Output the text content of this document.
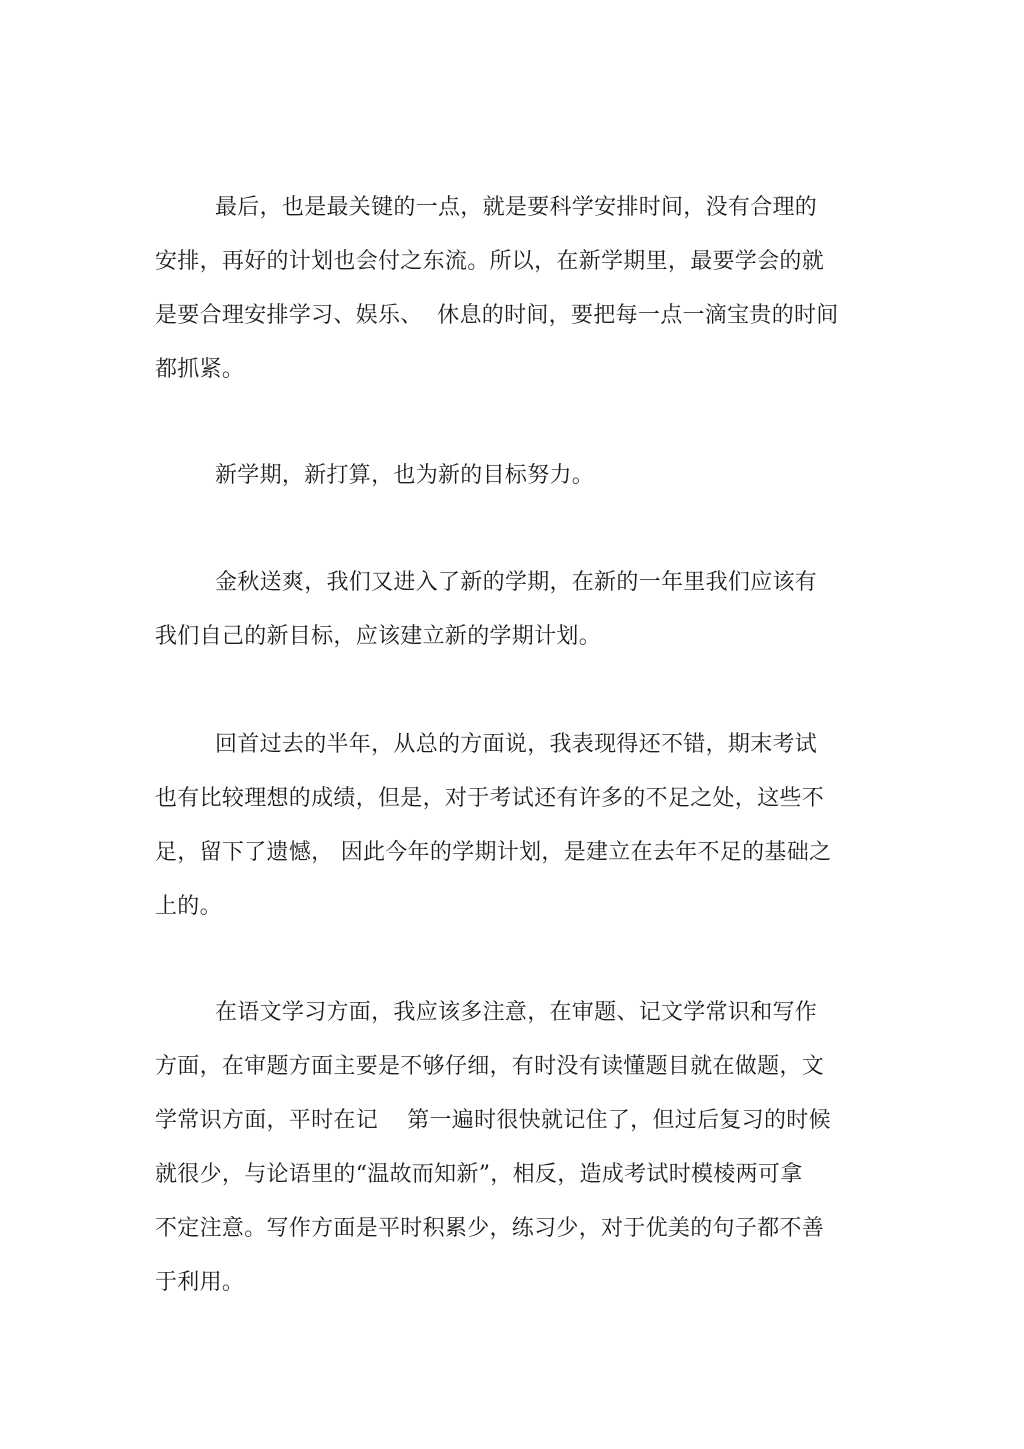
最后，也是最关键的一点，就是要科学安排时间，没有合理的
安排，再好的计划也会付之东流。所以，在新学期里，最要学会的就
是要合理安排学习、娱乐、  休息的时间，要把每一点一滴宝贵的时间
都抓紧。
新学期，新打算，也为新的目标努力。
金秋送爽，我们又进入了新的学期，在新的一年里我们应该有
我们自己的新目标，应该建立新的学期计划。
回首过去的半年，从总的方面说，我表现得还不错，期末考试
也有比较理想的成绩，但是，对于考试还有许多的不足之处，这些不
足，留下了遗憾， 因此今年的学期计划，是建立在去年不足的基础之
上的。
在语文学习方面，我应该多注意，在审题、记文学常识和写作
方面，在审题方面主要是不够仔细，有时没有读懂题目就在做题，文
学常识方面，平时在记    第一遍时很快就记住了，但过后复习的时候
就很少，与论语里的“温故而知新”，相反，造成考试时模棱两可拿
不定注意。写作方面是平时积累少，练习少，对于优美的句子都不善
于利用。
